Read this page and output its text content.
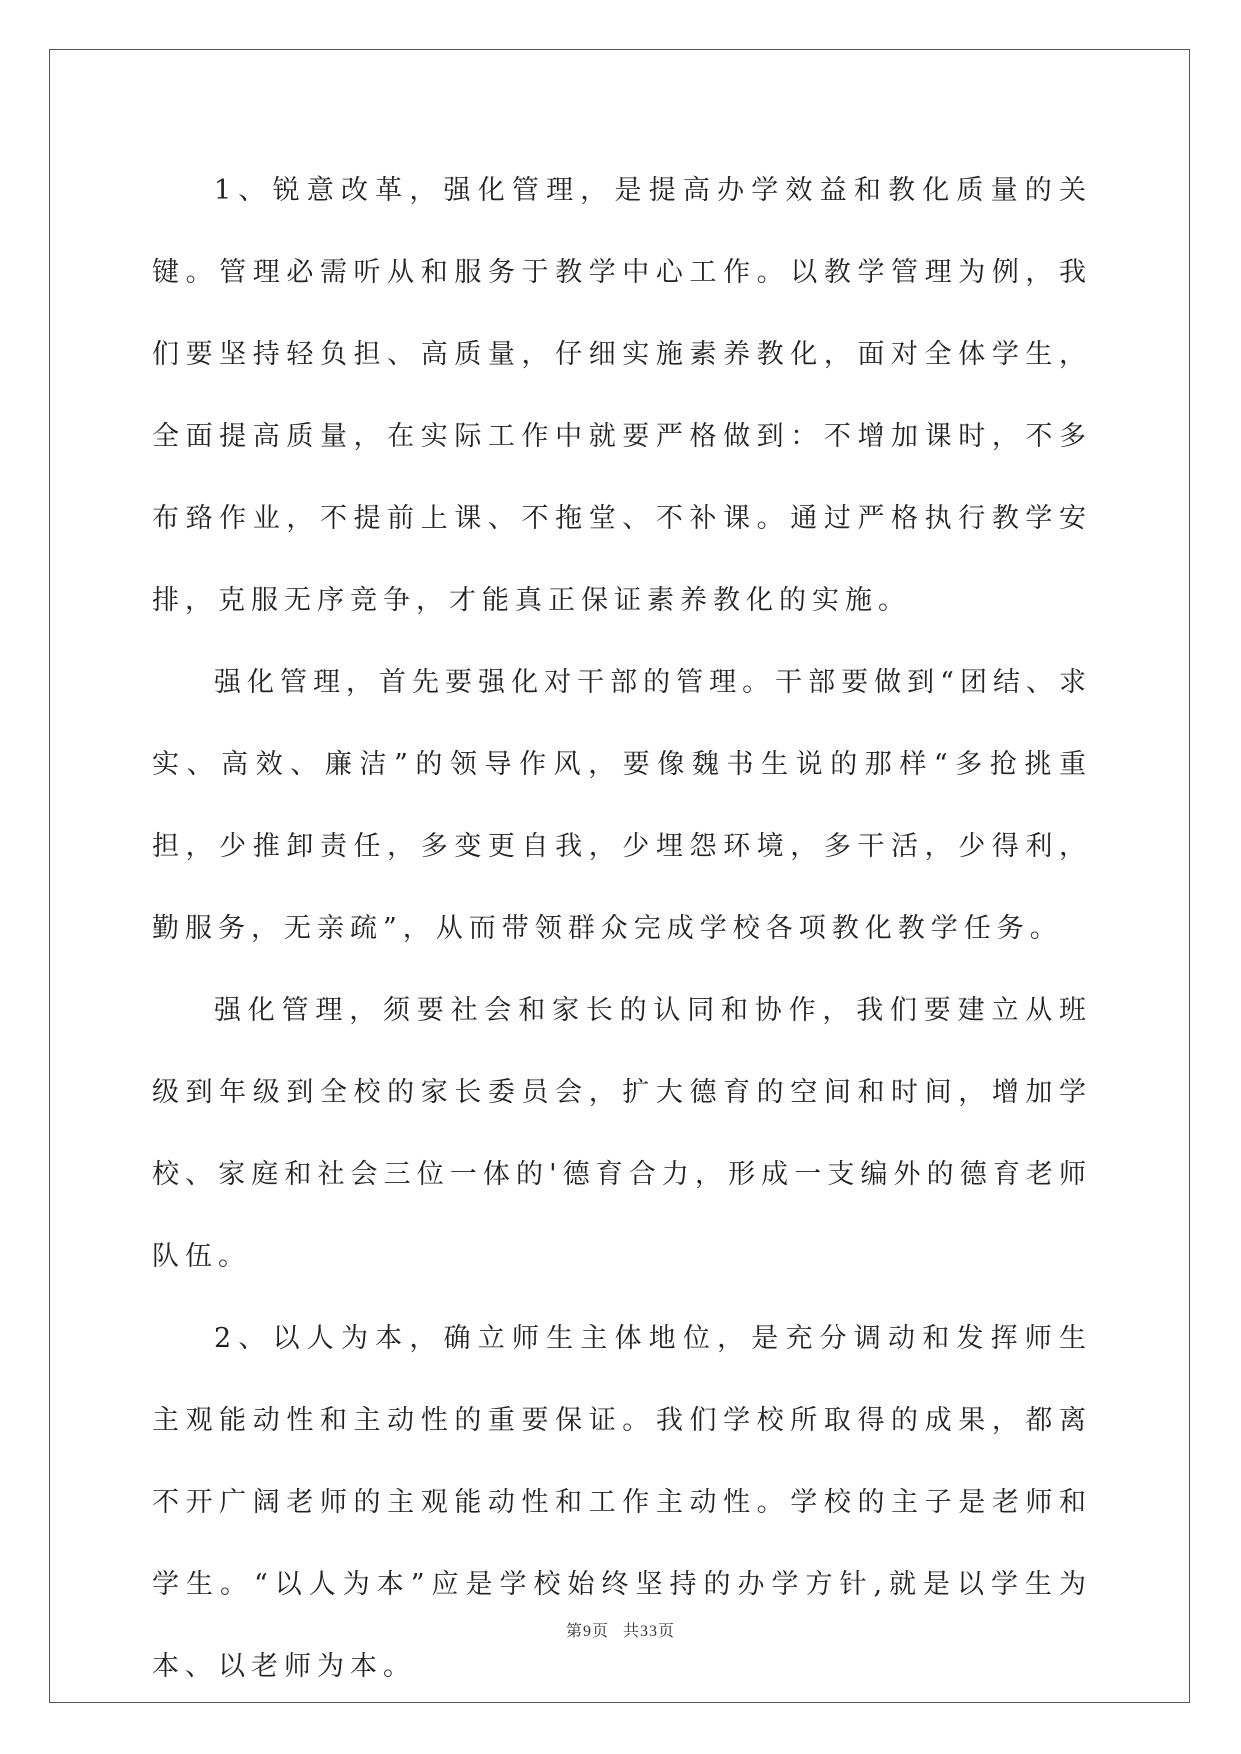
1、锐意改革，强化管理，是提高办学效益和教化质量的关键。管理必需听从和服务于教学中心工作。以教学管理为例，我们要坚持轻负担、高质量，仔细实施素养教化，面对全体学生，全面提高质量，在实际工作中就要严格做到：不增加课时，不多布臵作业，不提前上课、不拖堂、不补课。通过严格执行教学安排，克服无序竞争，才能真正保证素养教化的实施。

强化管理，首先要强化对干部的管理。干部要做到“团结、求实、高效、廉洁”的领导作风，要像魏书生说的那样“多抢挑重担，少推卸责任，多变更自我，少埋怨环境，多干活，少得利，勤服务，无亲疏”，从而带领群众完成学校各项教化教学任务。

强化管理，须要社会和家长的认同和协作，我们要建立从班级到年级到全校的家长委员会，扩大德育的空间和时间，增加学校、家庭和社会三位一体的'德育合力，形成一支编外的德育老师队伍。

2、以人为本，确立师生主体地位，是充分调动和发挥师生主观能动性和主动性的重要保证。我们学校所取得的成果，都离不开广阔老师的主观能动性和工作主动性。学校的主子是老师和学生。“以人为本”应是学校始终坚持的办学方针,就是以学生为本、以老师为本。

第9页 共33页
